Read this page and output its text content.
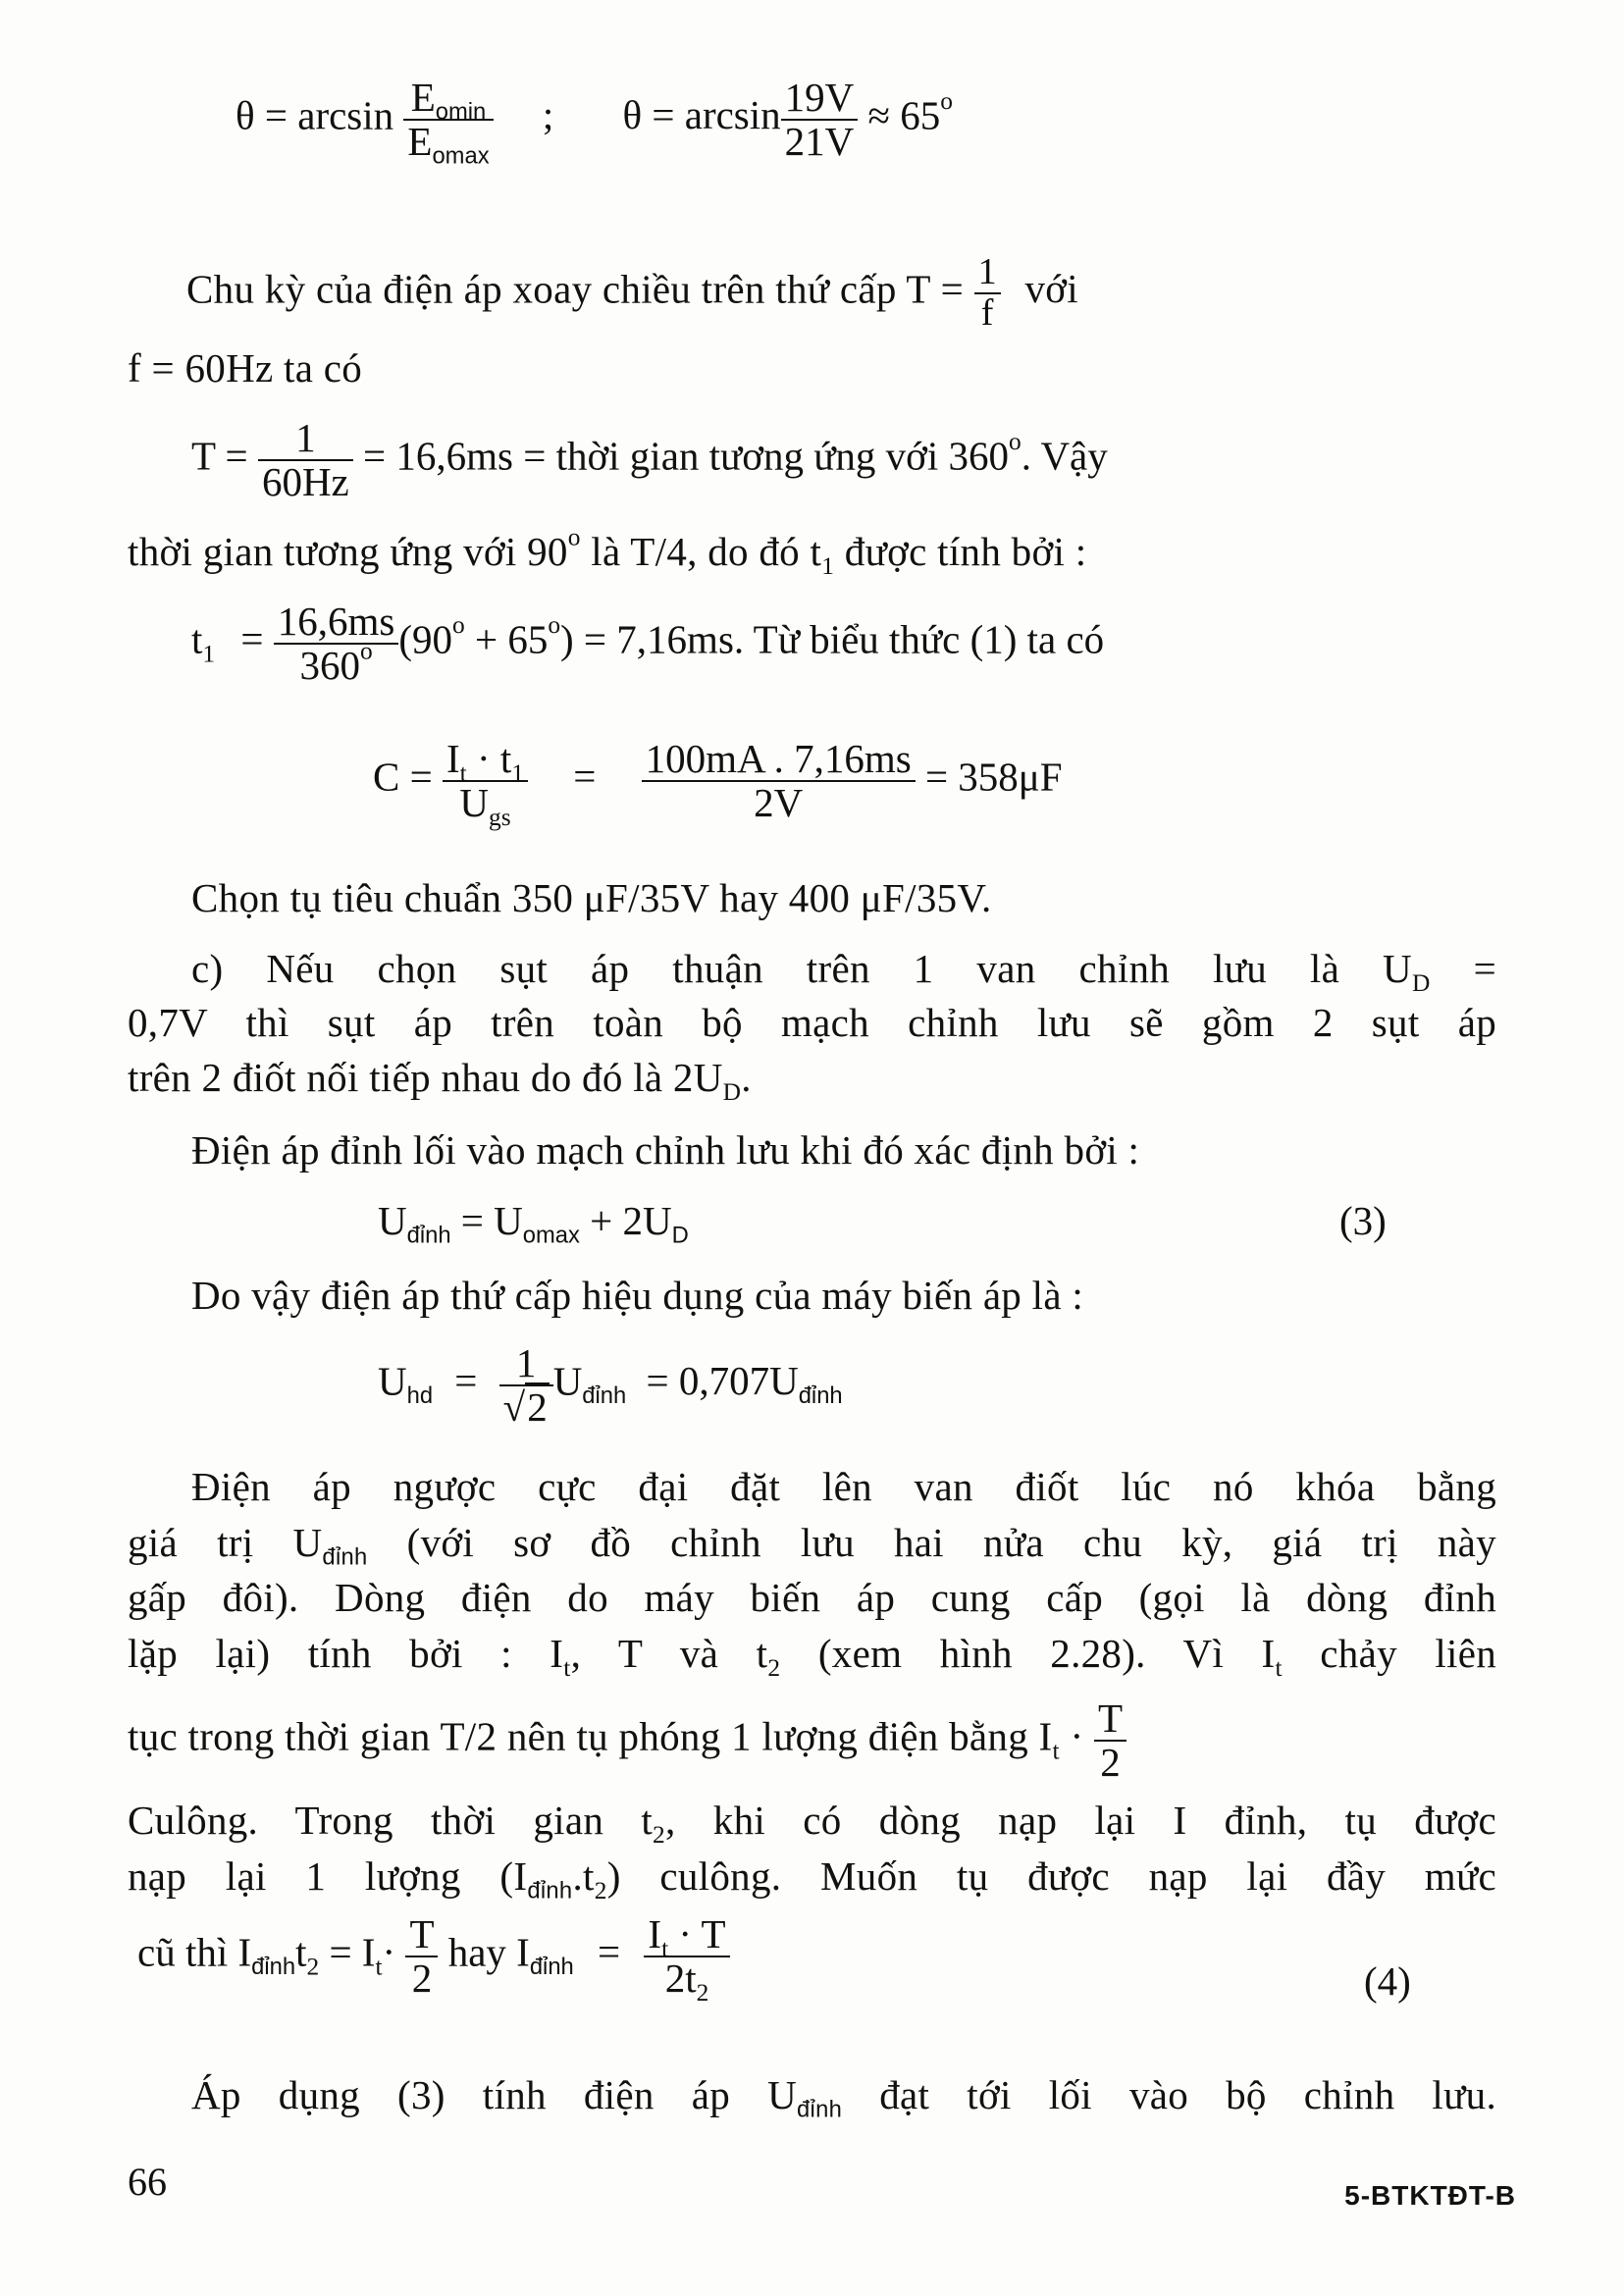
$\theta = \arcsin \frac{E_{omin}}{E_{omax}}$ ; $\theta = \arcsin \frac{19V}{21V} \approx 65^o$
Chu kỳ của điện áp xoay chiều trên thứ cấp $T = \frac{1}{f}$ với
f = 60Hz ta có
$T = \frac{1}{60Hz} = 16,6ms$ = thời gian tương ứng với 360$^o$. Vậy
thời gian tương ứng với 90$^o$ là T/4, do đó $t_1$ được tính bởi :
$t_1 = \frac{16,6ms}{360^o} (90^o + 65^o) = 7,16ms$. Từ biểu thức (1) ta có
$C = \frac{I_t \cdot t_1}{U_{gs}} = \frac{100mA . 7,16ms}{2V} = 358\mu F$
Chọn tụ tiêu chuẩn 350 μF/35V hay 400 μF/35V.
c) Nếu chọn sụt áp thuận trên 1 van chỉnh lưu là $U_D$ =
0,7V thì sụt áp trên toàn bộ mạch chỉnh lưu sẽ gồm 2 sụt áp
trên 2 điốt nối tiếp nhau do đó là $2U_D$.
Điện áp đỉnh lối vào mạch chỉnh lưu khi đó xác định bởi :
$U_{đỉnh} = U_{omax} + 2U_D$	(3)
Do vậy điện áp thứ cấp hiệu dụng của máy biến áp là :
$U_{hd} = \frac{1}{√2} U_{đỉnh} = 0,707U_{đỉnh}$
Điện áp ngược cực đại đặt lên van điốt lúc nó khóa bằng
giá trị $U_{đỉnh}$ (với sơ đồ chỉnh lưu hai nửa chu kỳ, giá trị này
gấp đôi). Dòng điện do máy biến áp cung cấp (gọi là dòng đỉnh
lặp lại) tính bởi : $I_t$, T và $t_2$ (xem hình 2.28). Vì $I_t$ chảy liên
tục trong thời gian T/2 nên tụ phóng 1 lượng điện bằng $I_t \cdot \frac{T}{2}$
Culông. Trong thời gian $t_2$, khi có dòng nạp lại I đỉnh, tụ được
nạp lại 1 lượng $(I_{đỉnh}.t_2)$ culông. Muốn tụ được nạp lại đầy mức
cũ thì $I_{đỉnh}t_2 = I_t\cdot \frac{T}{2}$ hay $I_{đỉnh} = \frac{I_t \cdot T}{2t_2}$	(4)
Áp dụng (3) tính điện áp $U_{đỉnh}$ đạt tới lối vào bộ chỉnh lưu.
66	5-BTKTĐT-B
